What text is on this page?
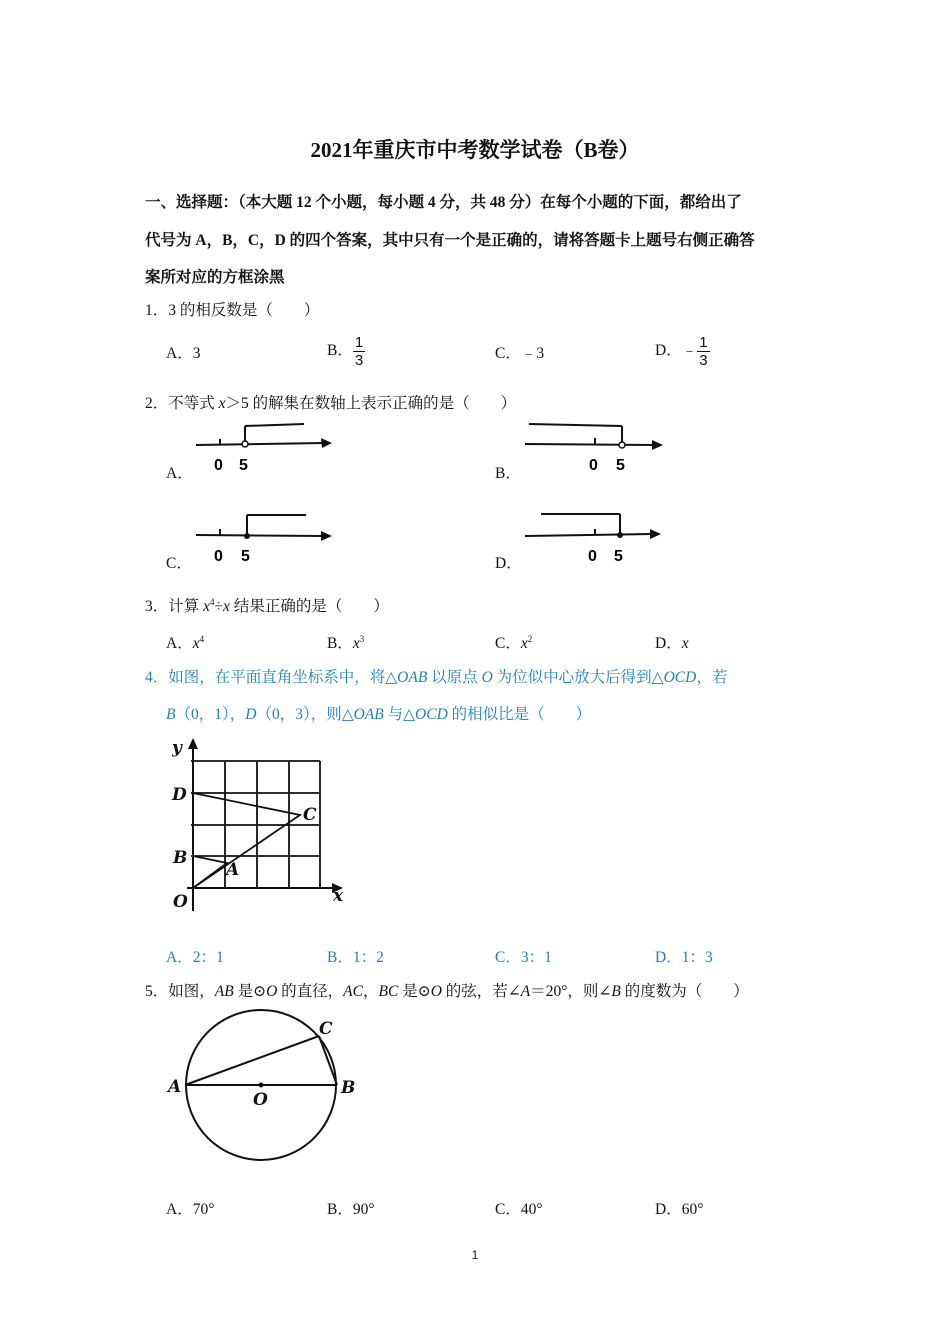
2021年重庆市中考数学试卷（B卷）
一、选择题：（本大题 12 个小题，每小题 4 分，共 48 分）在每个小题的下面，都给出了
代号为 A，B，C，D 的四个答案，其中只有一个是正确的，请将答题卡上题号右侧正确答
案所对应的方框涂黑
1．3 的相反数是（　　）
A．3	B． $\frac{1}{3}$	C．﹣3	D．﹣ $\frac{1}{3}$
2．不等式 x＞5 的解集在数轴上表示正确的是（　　）
A． 0 5	B．	0 5
C． 0 5	D．	0 5
3．计算 $x^4\div x$ 结果正确的是（　　）
A．$x^4$	B．$x^3$	C．$x^2$	D．x
4．如图，在平面直角坐标系中，将△OAB 以原点 O 为位似中心放大后得到△OCD，若
B（0，1），D（0，3），则△OAB 与△OCD 的相似比是（　　）
y
x
D
C
B
A
O
A．2：1	B．1：2	C．3：1	D．1：3
5．如图，AB 是⊙O 的直径，AC，BC 是⊙O 的弦，若∠A＝20°，则∠B 的度数为（　　）
A	B
C
O
A．70°	B．90°	C．40°	D．60°
1
